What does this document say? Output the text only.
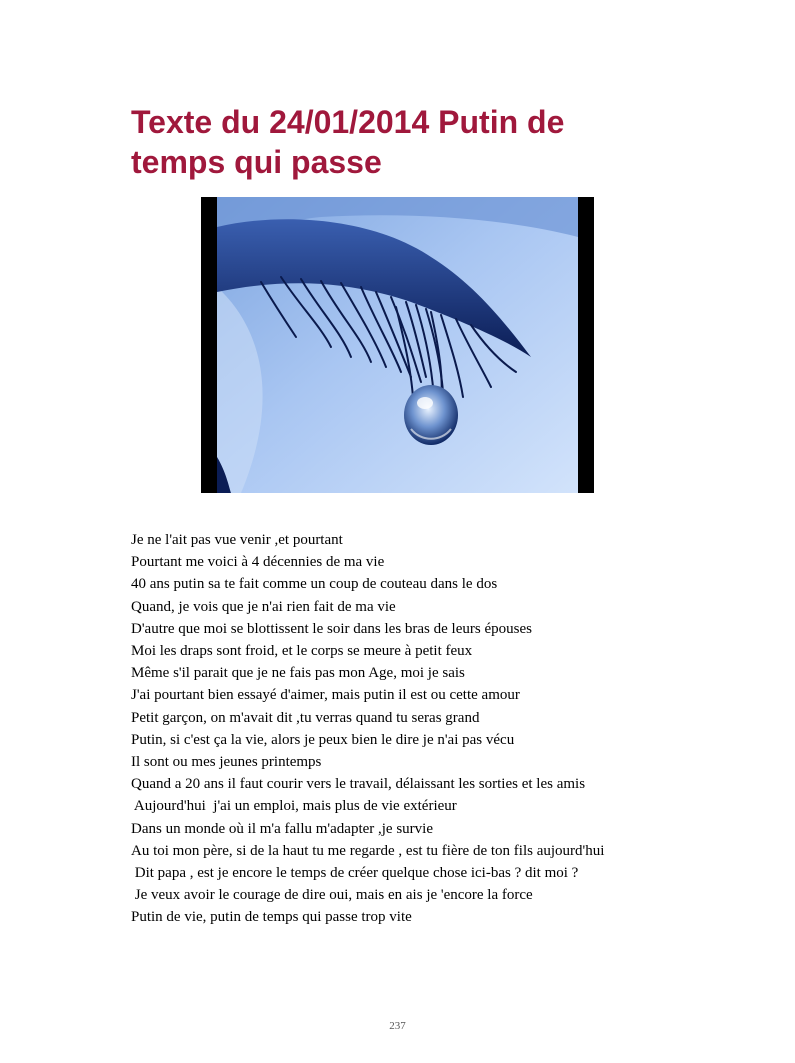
Texte du 24/01/2014 Putin de temps qui passe
Je ne l'ait pas vue venir ,et pourtant
Pourtant me voici à 4 décennies de ma vie
40 ans putin sa te fait comme un coup de couteau dans le dos
Quand, je vois que je n'ai rien fait de ma vie
D'autre que moi se blottissent le soir dans les bras de leurs épouses
Moi les draps sont froid, et le corps se meure à petit feux
Même s'il parait que je ne fais pas mon Age, moi je sais
J'ai pourtant bien essayé d'aimer, mais putin il est ou cette amour
Petit garçon, on m'avait dit ,tu verras quand tu seras grand
Putin, si c'est ça la vie, alors je peux bien le dire je n'ai pas vécu
Il sont ou mes jeunes printemps
Quand a 20 ans il faut courir vers le travail, délaissant les sorties et les amis
Aujourd'hui  j'ai un emploi, mais plus de vie extérieur
Dans un monde où il m'a fallu m'adapter ,je survie
Au toi mon père, si de la haut tu me regarde , est tu fière de ton fils aujourd'hui
Dit papa , est je encore le temps de créer quelque chose ici-bas ? dit moi ?
Je veux avoir le courage de dire oui, mais en ais je 'encore la force
Putin de vie, putin de temps qui passe trop vite
237
